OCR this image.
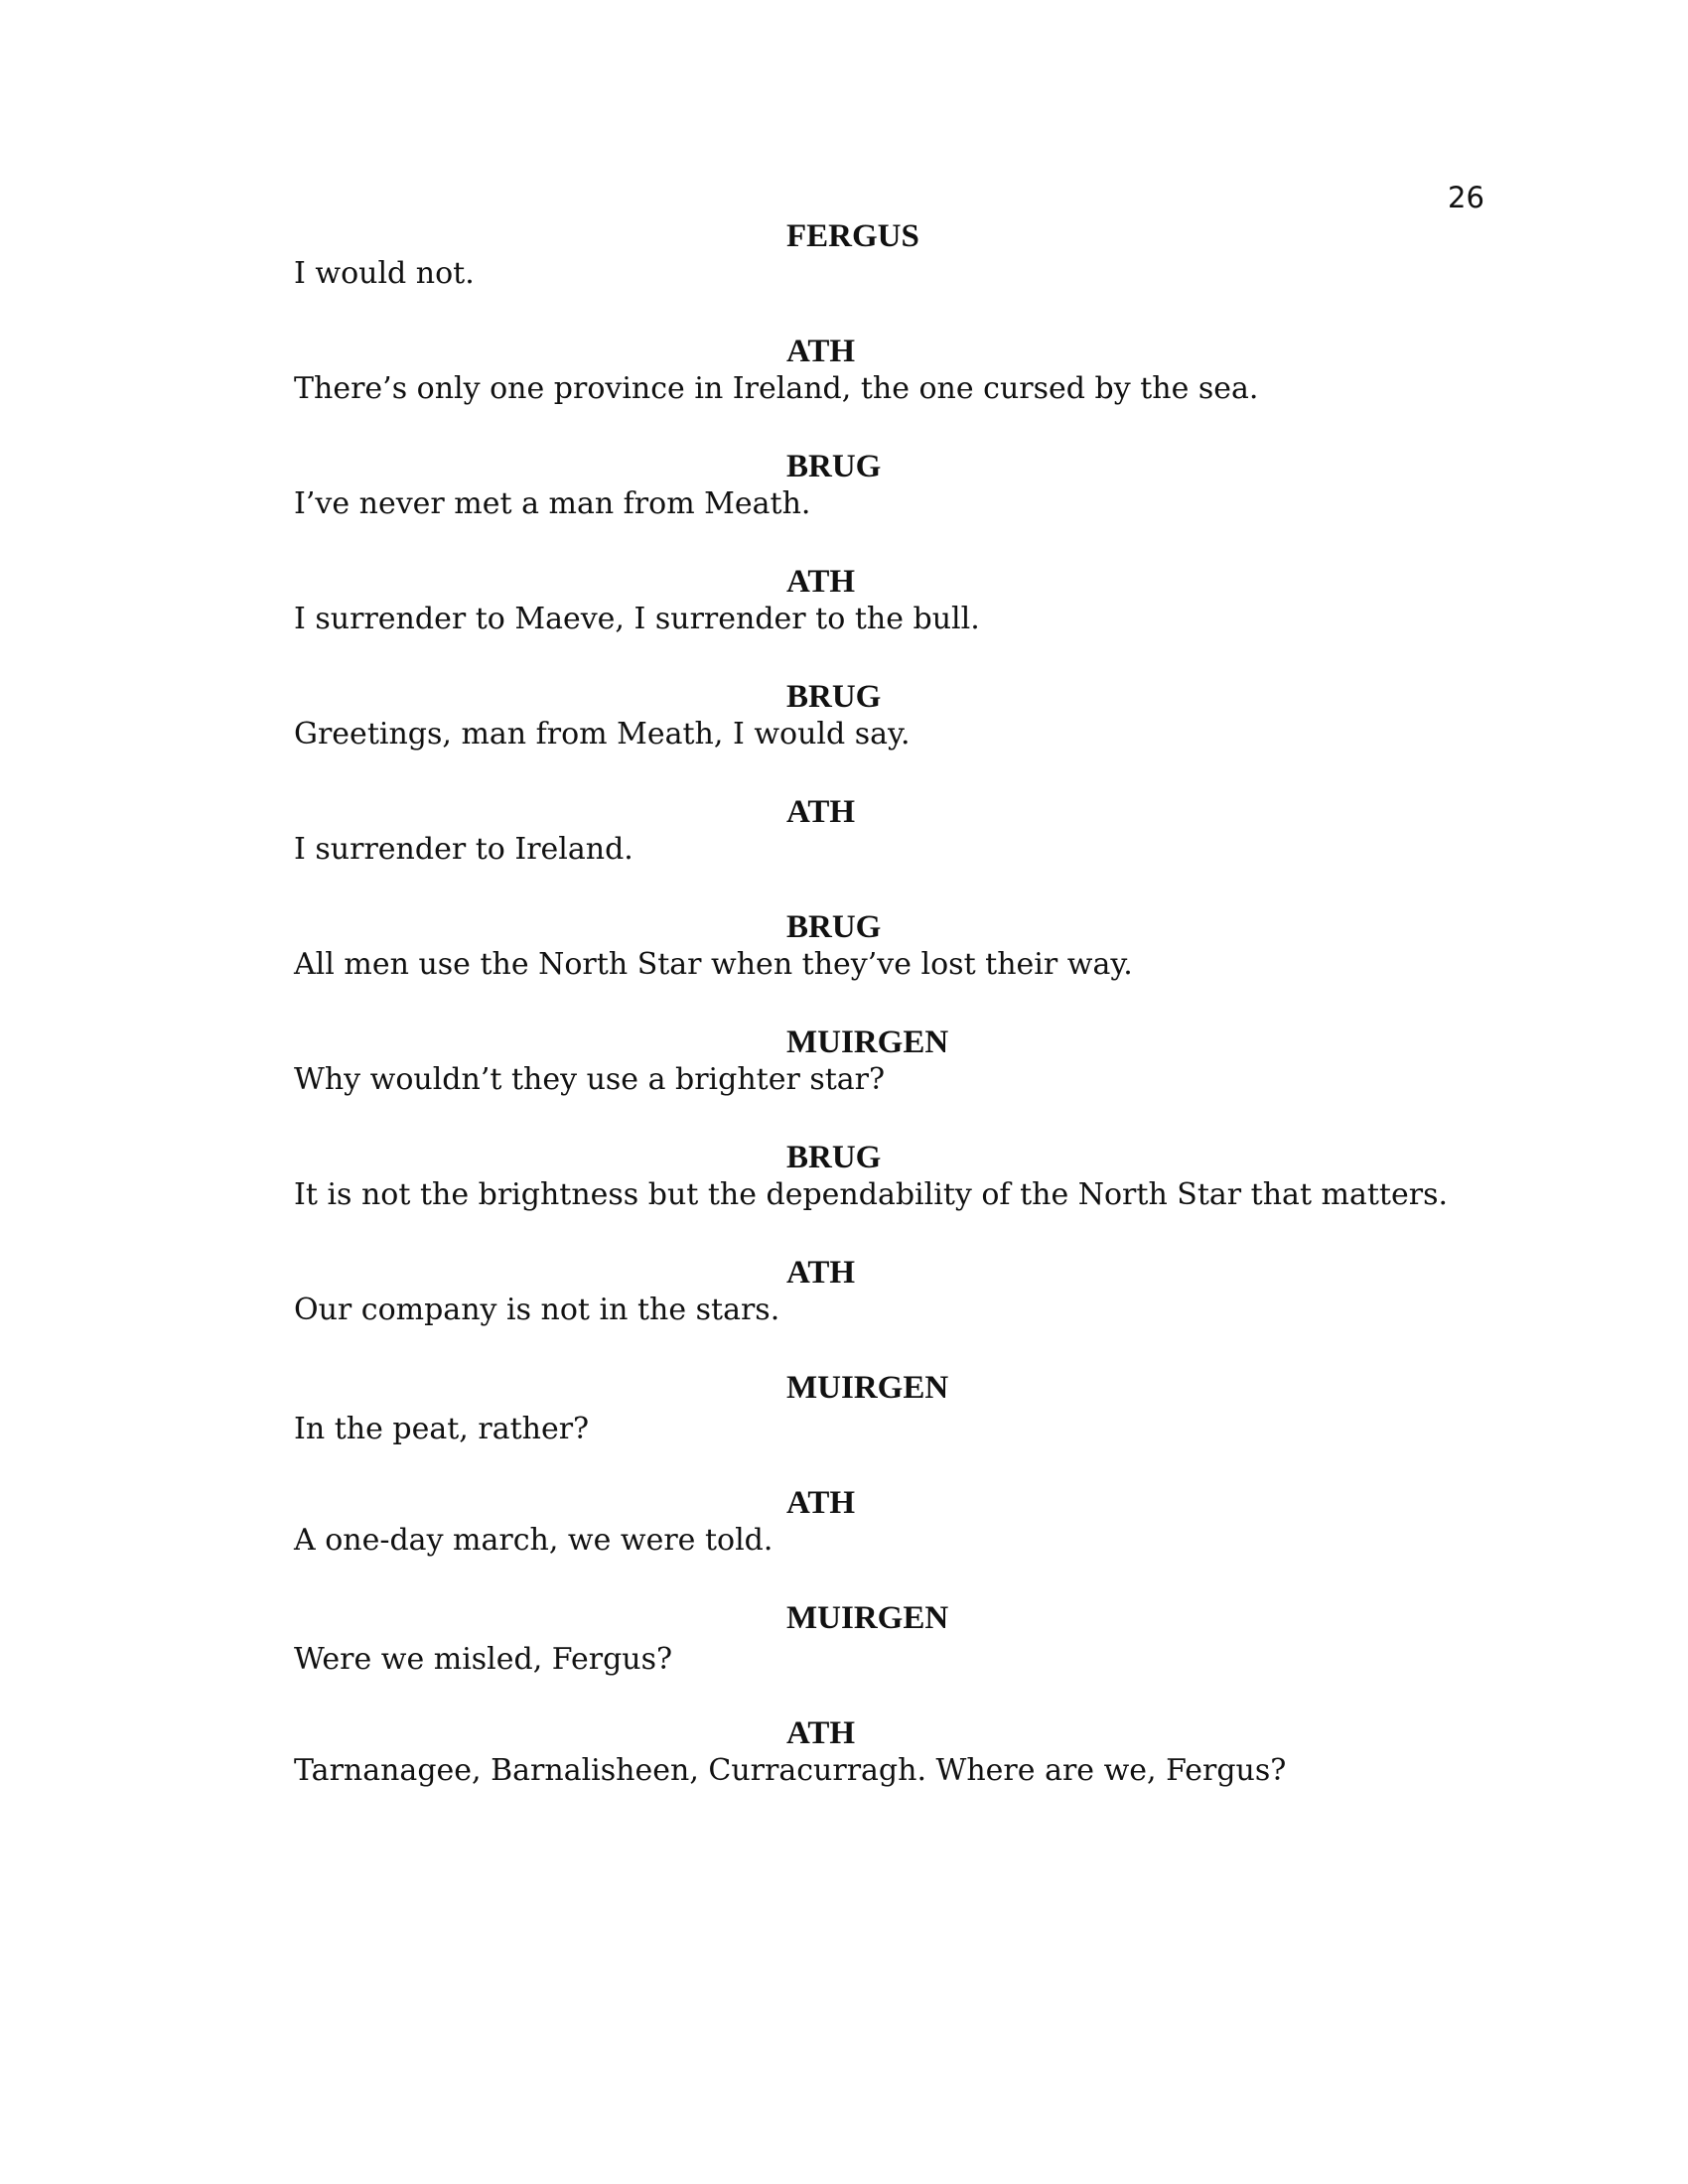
26
FERGUS
I would not.
ATH
There’s only one province in Ireland, the one cursed by the sea.
BRUG
I’ve never met a man from Meath.
ATH
I surrender to Maeve, I surrender to the bull.
BRUG
Greetings, man from Meath, I would say.
ATH
I surrender to Ireland.
BRUG
All men use the North Star when they’ve lost their way.
MUIRGEN
Why wouldn’t they use a brighter star?
BRUG
It is not the brightness but the dependability of the North Star that matters.
ATH
Our company is not in the stars.
MUIRGEN
In the peat, rather?
ATH
A one-day march, we were told.
MUIRGEN
Were we misled, Fergus?
ATH
Tarnanagee, Barnalisheen, Curracurragh. Where are we, Fergus?
